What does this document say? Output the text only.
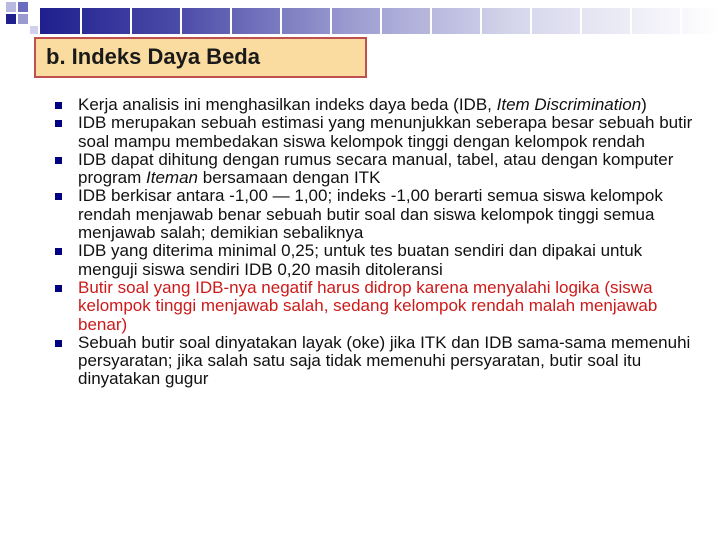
b. Indeks Daya Beda
Kerja analisis ini menghasilkan indeks daya beda (IDB, Item Discrimination)
IDB merupakan sebuah estimasi yang menunjukkan seberapa besar sebuah butir soal mampu membedakan siswa kelompok tinggi dengan kelompok rendah
IDB dapat dihitung dengan rumus secara manual, tabel, atau dengan komputer program Iteman bersamaan dengan ITK
IDB berkisar antara -1,00 — 1,00; indeks -1,00 berarti semua siswa kelompok rendah menjawab benar sebuah butir soal dan siswa kelompok tinggi semua menjawab salah; demikian sebaliknya
IDB yang diterima minimal 0,25; untuk tes buatan sendiri dan dipakai untuk menguji siswa sendiri IDB 0,20 masih ditoleransi
Butir soal yang IDB-nya negatif harus didrop karena menyalahi logika (siswa kelompok tinggi menjawab salah, sedang kelompok rendah malah menjawab benar)
Sebuah butir soal dinyatakan layak (oke) jika ITK dan IDB sama-sama memenuhi persyaratan; jika salah satu saja tidak memenuhi persyaratan, butir soal itu dinyatakan gugur
